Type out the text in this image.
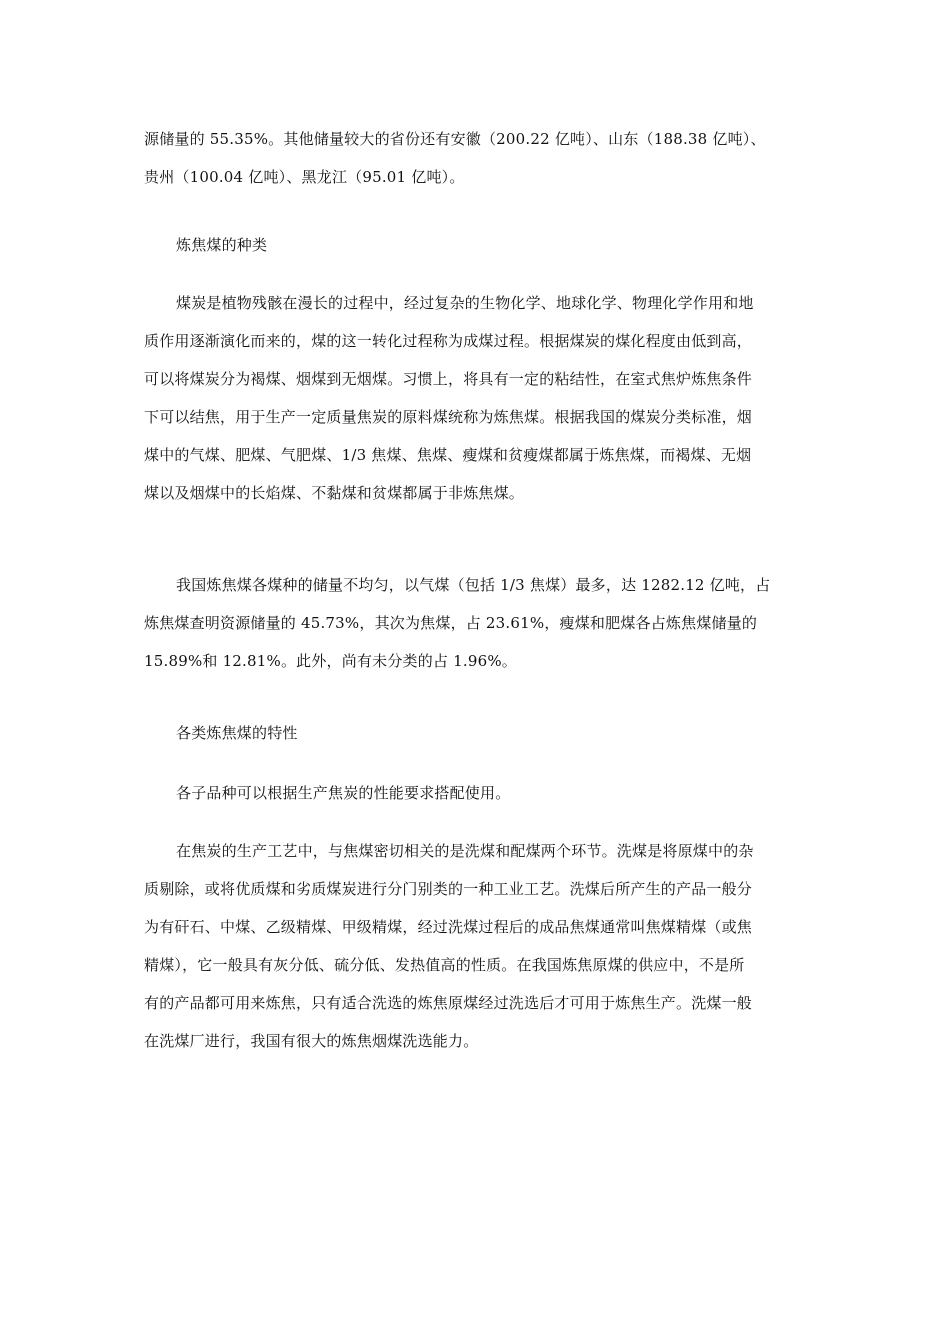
源储量的 55.35%。其他储量较大的省份还有安徽（200.22 亿吨）、山东（188.38 亿吨）、
贵州（100.04 亿吨）、黑龙江（95.01 亿吨）。

炼焦煤的种类

煤炭是植物残骸在漫长的过程中，经过复杂的生物化学、地球化学、物理化学作用和地
质作用逐渐演化而来的，煤的这一转化过程称为成煤过程。根据煤炭的煤化程度由低到高，
可以将煤炭分为褐煤、烟煤到无烟煤。习惯上，将具有一定的粘结性，在室式焦炉炼焦条件
下可以结焦，用于生产一定质量焦炭的原料煤统称为炼焦煤。根据我国的煤炭分类标准，烟
煤中的气煤、肥煤、气肥煤、1/3 焦煤、焦煤、瘦煤和贫瘦煤都属于炼焦煤，而褐煤、无烟
煤以及烟煤中的长焰煤、不黏煤和贫煤都属于非炼焦煤。

我国炼焦煤各煤种的储量不均匀，以气煤（包括 1/3 焦煤）最多，达 1282.12 亿吨，占
炼焦煤查明资源储量的 45.73%，其次为焦煤，占 23.61%，瘦煤和肥煤各占炼焦煤储量的
15.89%和 12.81%。此外，尚有未分类的占 1.96%。

各类炼焦煤的特性

各子品种可以根据生产焦炭的性能要求搭配使用。

在焦炭的生产工艺中，与焦煤密切相关的是洗煤和配煤两个环节。洗煤是将原煤中的杂
质剔除，或将优质煤和劣质煤炭进行分门别类的一种工业工艺。洗煤后所产生的产品一般分
为有矸石、中煤、乙级精煤、甲级精煤，经过洗煤过程后的成品焦煤通常叫焦煤精煤（或焦
精煤），它一般具有灰分低、硫分低、发热值高的性质。在我国炼焦原煤的供应中，不是所
有的产品都可用来炼焦，只有适合洗选的炼焦原煤经过洗选后才可用于炼焦生产。洗煤一般
在洗煤厂进行，我国有很大的炼焦烟煤洗选能力。
